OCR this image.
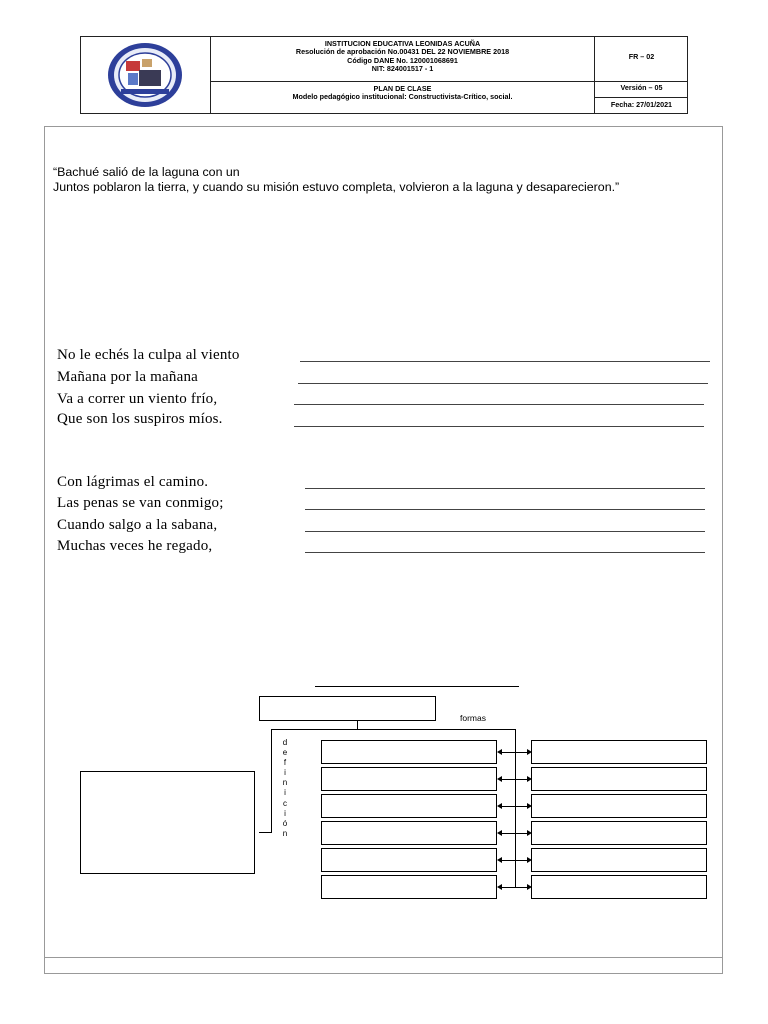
INSTITUCION EDUCATIVA LEONIDAS ACUÑA
Resolución de aprobación No.00431 DEL 22 NOVIEMBRE 2018
Código DANE No. 120001068691
NIT: 824001517 - 1
PLAN DE CLASE
Modelo pedagógico institucional: Constructivista-Crítico, social.
FR – 02
Versión – 05
Fecha: 27/01/2021
“Bachué salió de la laguna con un
Juntos poblaron la tierra, y cuando su misión estuvo completa, volvieron a la laguna y desaparecieron.”
No le echés la culpa al viento
Mañana por la mañana
Va a correr un viento frío,
Que son los suspiros míos.
Con lágrimas el camino.
Las penas se van conmigo;
Cuando salgo a la sabana,
Muchas veces he regado,
formas
d
e
f
i
n
i
c
i
ó
n
